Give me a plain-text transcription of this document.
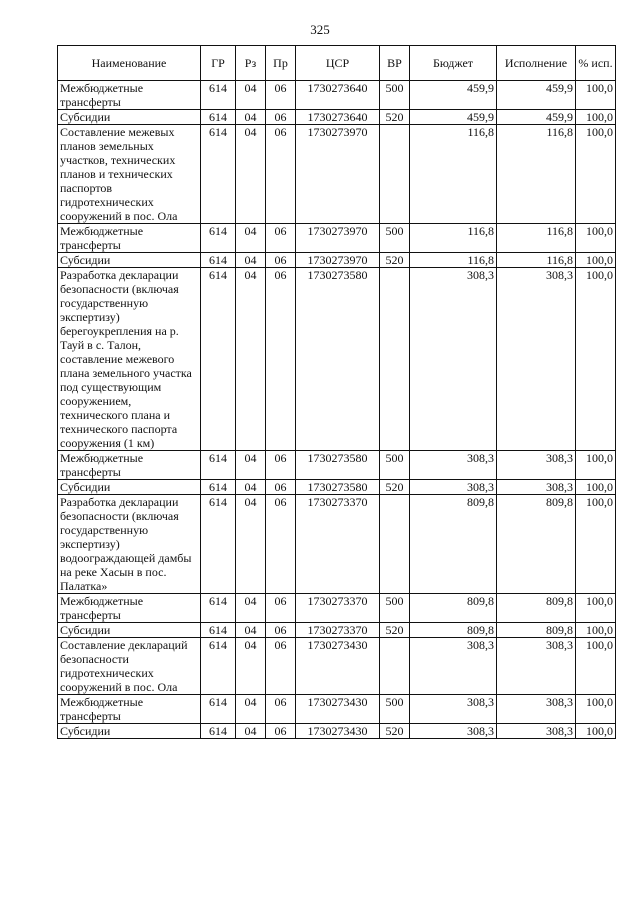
325
Наименование	ГР	Рз	Пр	ЦСР	ВР	Бюджет	Исполнение	% исп.
Межбюджетные трансферты	614	04	06	1730273640	500	459,9	459,9	100,0
Субсидии	614	04	06	1730273640	520	459,9	459,9	100,0
Составление межевых планов земельных участков, технических планов и технических паспортов гидротехнических сооружений в пос. Ола	614	04	06	1730273970		116,8	116,8	100,0
Межбюджетные трансферты	614	04	06	1730273970	500	116,8	116,8	100,0
Субсидии	614	04	06	1730273970	520	116,8	116,8	100,0
Разработка декларации безопасности (включая государственную экспертизу) берегоукрепления на р. Тауй в с. Талон, составление межевого плана земельного участка под существующим сооружением, технического плана и технического паспорта сооружения (1 км)	614	04	06	1730273580		308,3	308,3	100,0
Межбюджетные трансферты	614	04	06	1730273580	500	308,3	308,3	100,0
Субсидии	614	04	06	1730273580	520	308,3	308,3	100,0
Разработка декларации безопасности (включая государственную экспертизу) водоограждающей дамбы на реке Хасын в пос. Палатка»	614	04	06	1730273370		809,8	809,8	100,0
Межбюджетные трансферты	614	04	06	1730273370	500	809,8	809,8	100,0
Субсидии	614	04	06	1730273370	520	809,8	809,8	100,0
Составление деклараций безопасности гидротехнических сооружений в пос. Ола	614	04	06	1730273430		308,3	308,3	100,0
Межбюджетные трансферты	614	04	06	1730273430	500	308,3	308,3	100,0
Субсидии	614	04	06	1730273430	520	308,3	308,3	100,0
